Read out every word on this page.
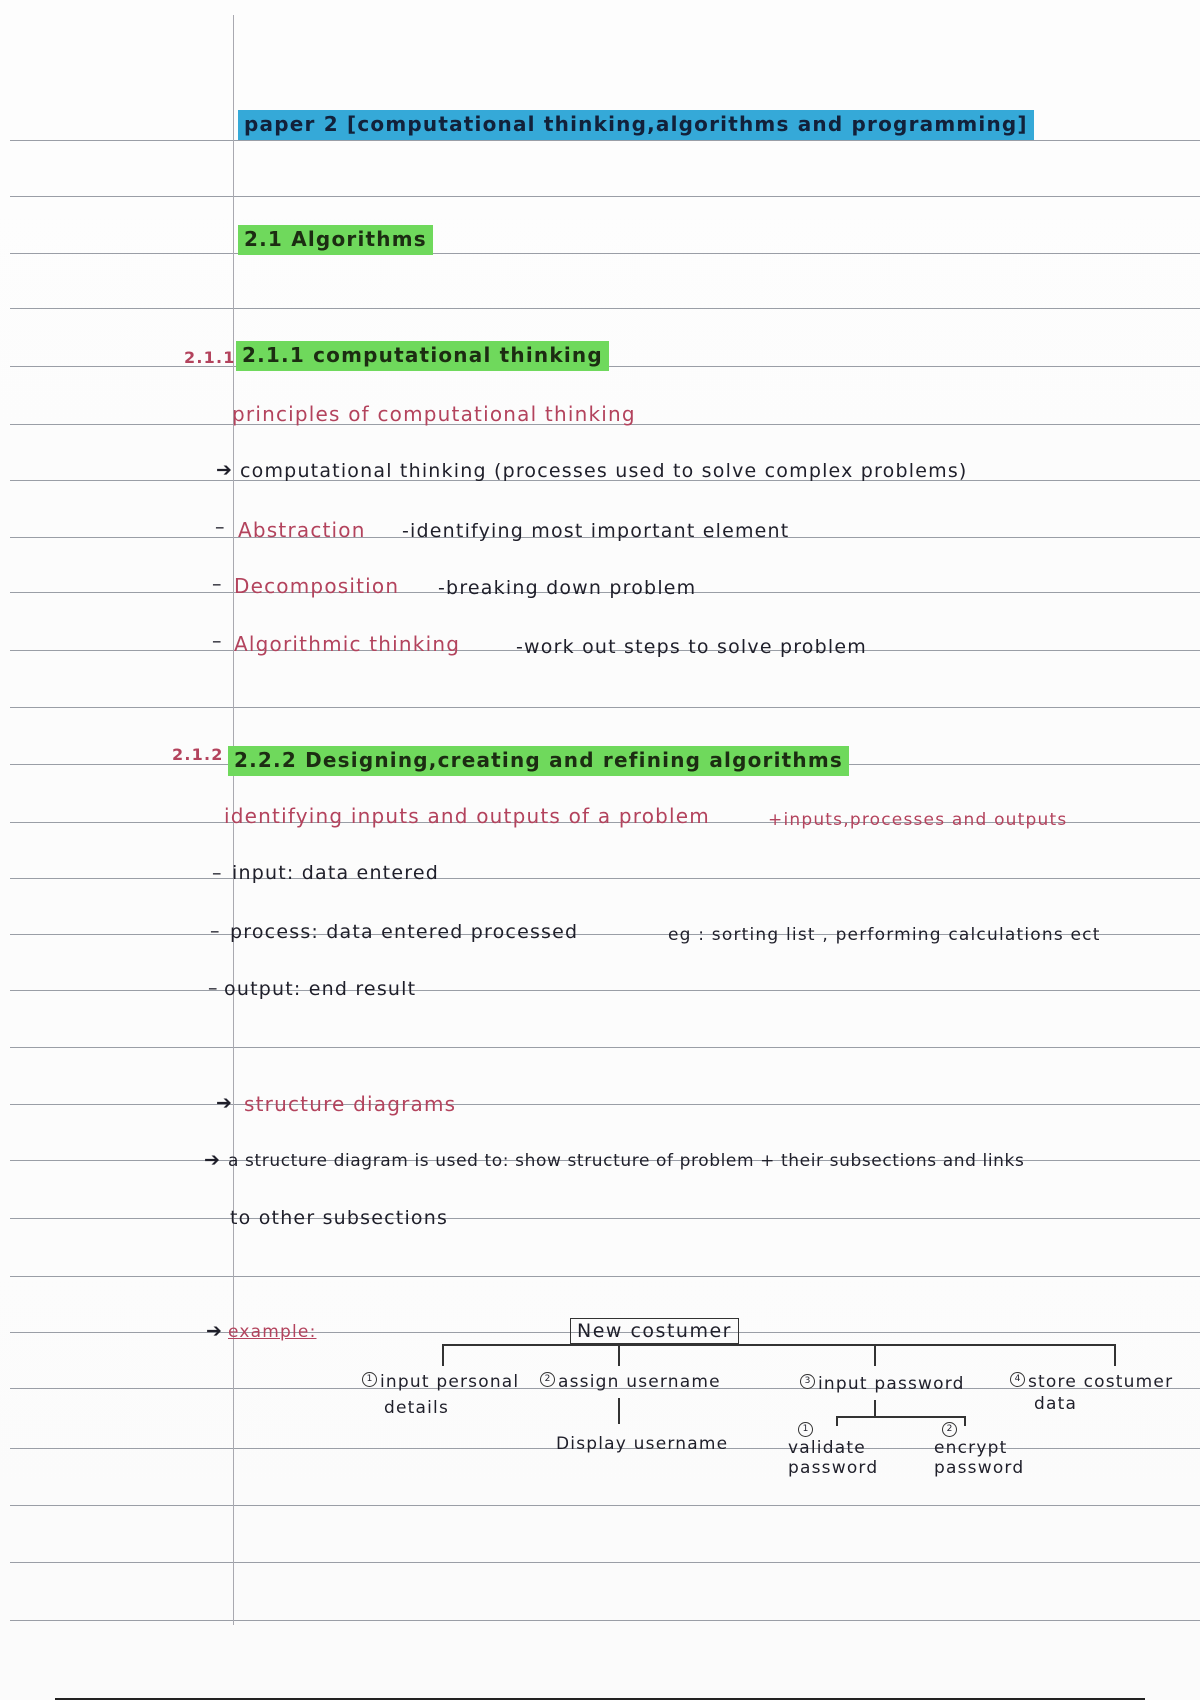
paper 2 [computational thinking,algorithms and programming]
2.1 Algorithms
2.1.1 2.1.1 computational thinking
principles of computational thinking
➔ computational thinking (processes used to solve complex problems)
– Abstraction -identifying most important element
– Decomposition -breaking down problem
– Algorithmic thinking	-work out steps to solve problem
2.1.2 2.2.2 Designing,creating and refining algorithms
identifying inputs and outputs of a problem	+inputs,processes and outputs
– input: data entered
– process: data entered processed	eg : sorting list , performing calculations ect
– output: end result
➔ structure diagrams
➔ a structure diagram is used to: show structure of problem + their subsections and links
to other subsections
➔ example:	New costumer
1 input personal
details
2 assign username
Display username
3 input password
1
validate
password
2
encrypt
password
4 store costumer
data
